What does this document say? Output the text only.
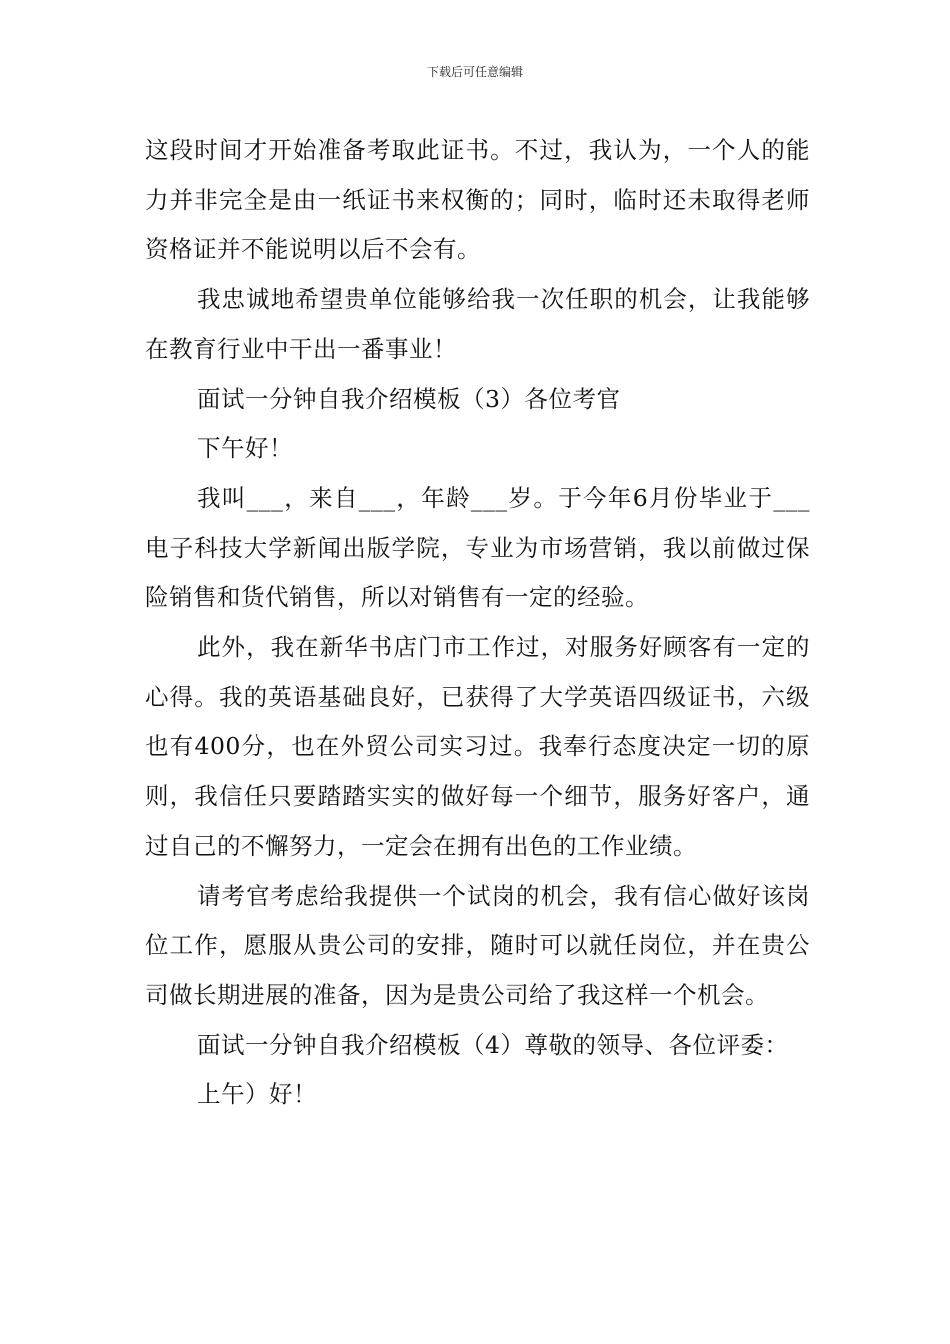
下载后可任意编辑

这段时间才开始准备考取此证书。不过，我认为，一个人的能力并非完全是由一纸证书来权衡的；同时，临时还未取得老师资格证并不能说明以后不会有。

我忠诚地希望贵单位能够给我一次任职的机会，让我能够在教育行业中干出一番事业！

面试一分钟自我介绍模板（3）各位考官

下午好！

我叫___，来自___，年龄___岁。于今年6月份毕业于___电子科技大学新闻出版学院，专业为市场营销，我以前做过保险销售和货代销售，所以对销售有一定的经验。

此外，我在新华书店门市工作过，对服务好顾客有一定的心得。我的英语基础良好，已获得了大学英语四级证书，六级也有400分，也在外贸公司实习过。我奉行态度决定一切的原则，我信任只要踏踏实实的做好每一个细节，服务好客户，通过自己的不懈努力，一定会在拥有出色的工作业绩。

请考官考虑给我提供一个试岗的机会，我有信心做好该岗位工作，愿服从贵公司的安排，随时可以就任岗位，并在贵公司做长期进展的准备，因为是贵公司给了我这样一个机会。

面试一分钟自我介绍模板（4）尊敬的领导、各位评委：

上午）好！
